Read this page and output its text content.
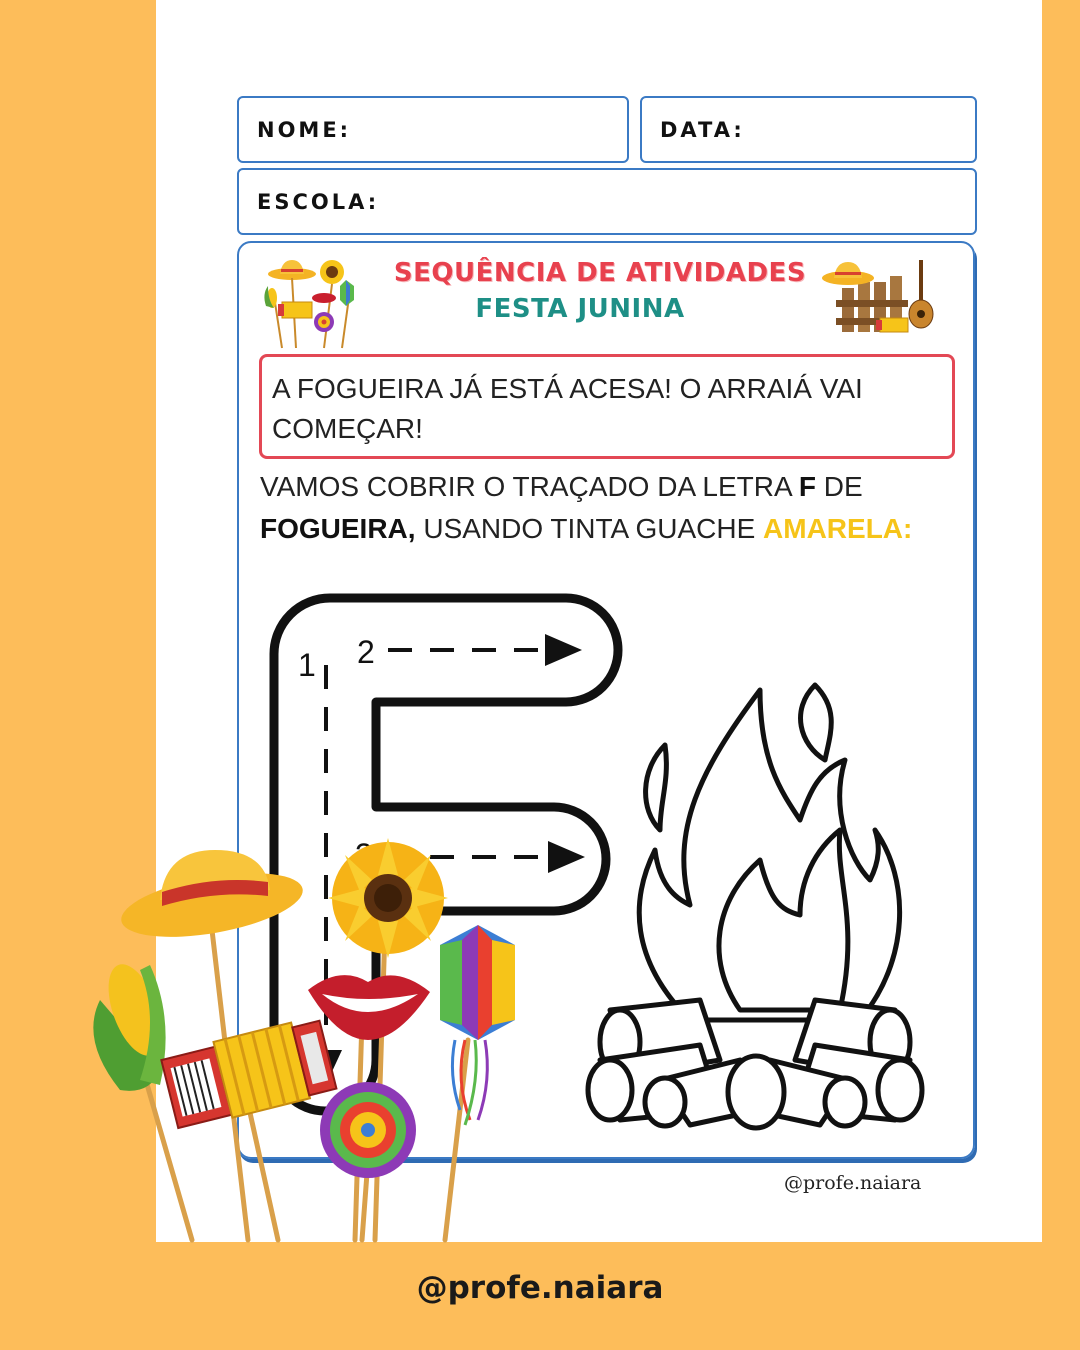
NOME:	DATA:
ESCOLA:
SEQUÊNCIA DE ATIVIDADES
FESTA JUNINA
A FOGUEIRA JÁ ESTÁ ACESA! O ARRAIÁ VAI COMEÇAR!
VAMOS COBRIR O TRAÇADO DA LETRA F DE FOGUEIRA, USANDO TINTA GUACHE AMARELA:
1 2
@profe.naiara
@profe.naiara
